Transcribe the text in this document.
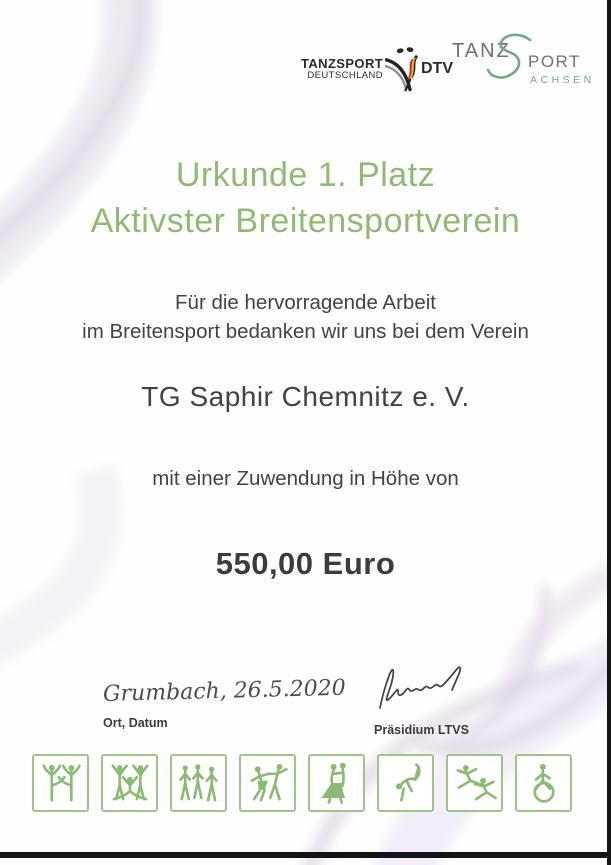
TANZSPORT
DEUTSCHLAND DTV
TANZ PORT
ACHSEN
Urkunde 1. Platz
Aktivster Breitensportverein
Für die hervorragende Arbeit
im Breitensport bedanken wir uns bei dem Verein
TG Saphir Chemnitz e. V.
mit einer Zuwendung in Höhe von
550,00 Euro
Grumbach, 26.5.2020
Ort, Datum	Präsidium LTVS
